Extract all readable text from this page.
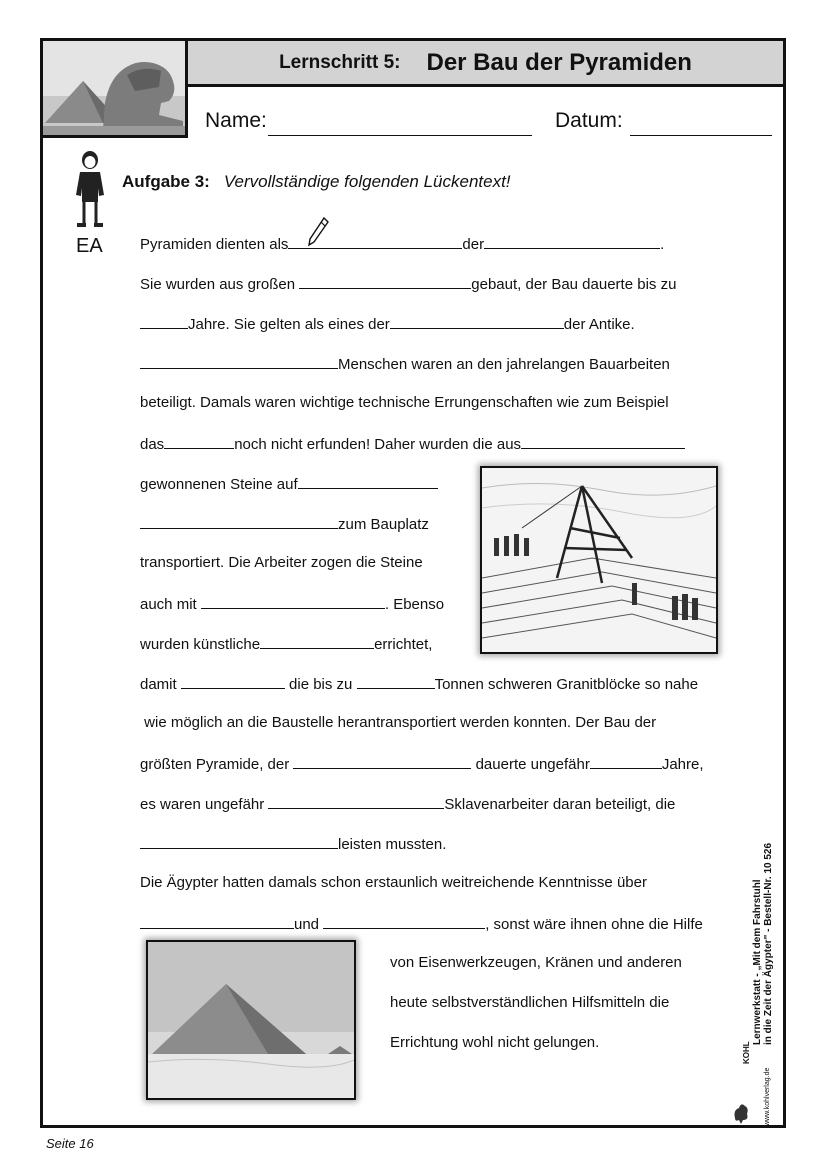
Lernschritt 5: Der Bau der Pyramiden
Name:	Datum:
EA
Aufgabe 3: Vervollständige folgenden Lückentext!
Pyramiden dienten als	der	.
Sie wurden aus großen	gebaut, der Bau dauerte bis zu
Jahre. Sie gelten als eines der	der Antike.
Menschen waren an den jahrelangen Bauarbeiten
beteiligt. Damals waren wichtige technische Errungenschaften wie zum Beispiel
das	noch nicht erfunden! Daher wurden die aus
gewonnenen Steine auf
zum Bauplatz
transportiert. Die Arbeiter zogen die Steine
auch mit	. Ebenso
wurden künstliche	errichtet,
damit	die bis zu	Tonnen schweren Granitblöcke so nahe
wie möglich an die Baustelle herantransportiert werden konnten. Der Bau der
größten Pyramide, der	dauerte ungefähr	Jahre,
es waren ungefähr	Sklavenarbeiter daran beteiligt, die
leisten mussten.
Die Ägypter hatten damals schon erstaunlich weitreichende Kenntnisse über
und	, sonst wäre ihnen ohne die Hilfe
von Eisenwerkzeugen, Kränen und anderen
heute selbstverständlichen Hilfsmitteln die
Errichtung wohl nicht gelungen.	Lernwerkstatt - „Mit dem Fahrstuhl in die Zeit der Ägypter" - Bestell-Nr. 10 526
KOHL
www.kohlverlag.de
Seite 16
